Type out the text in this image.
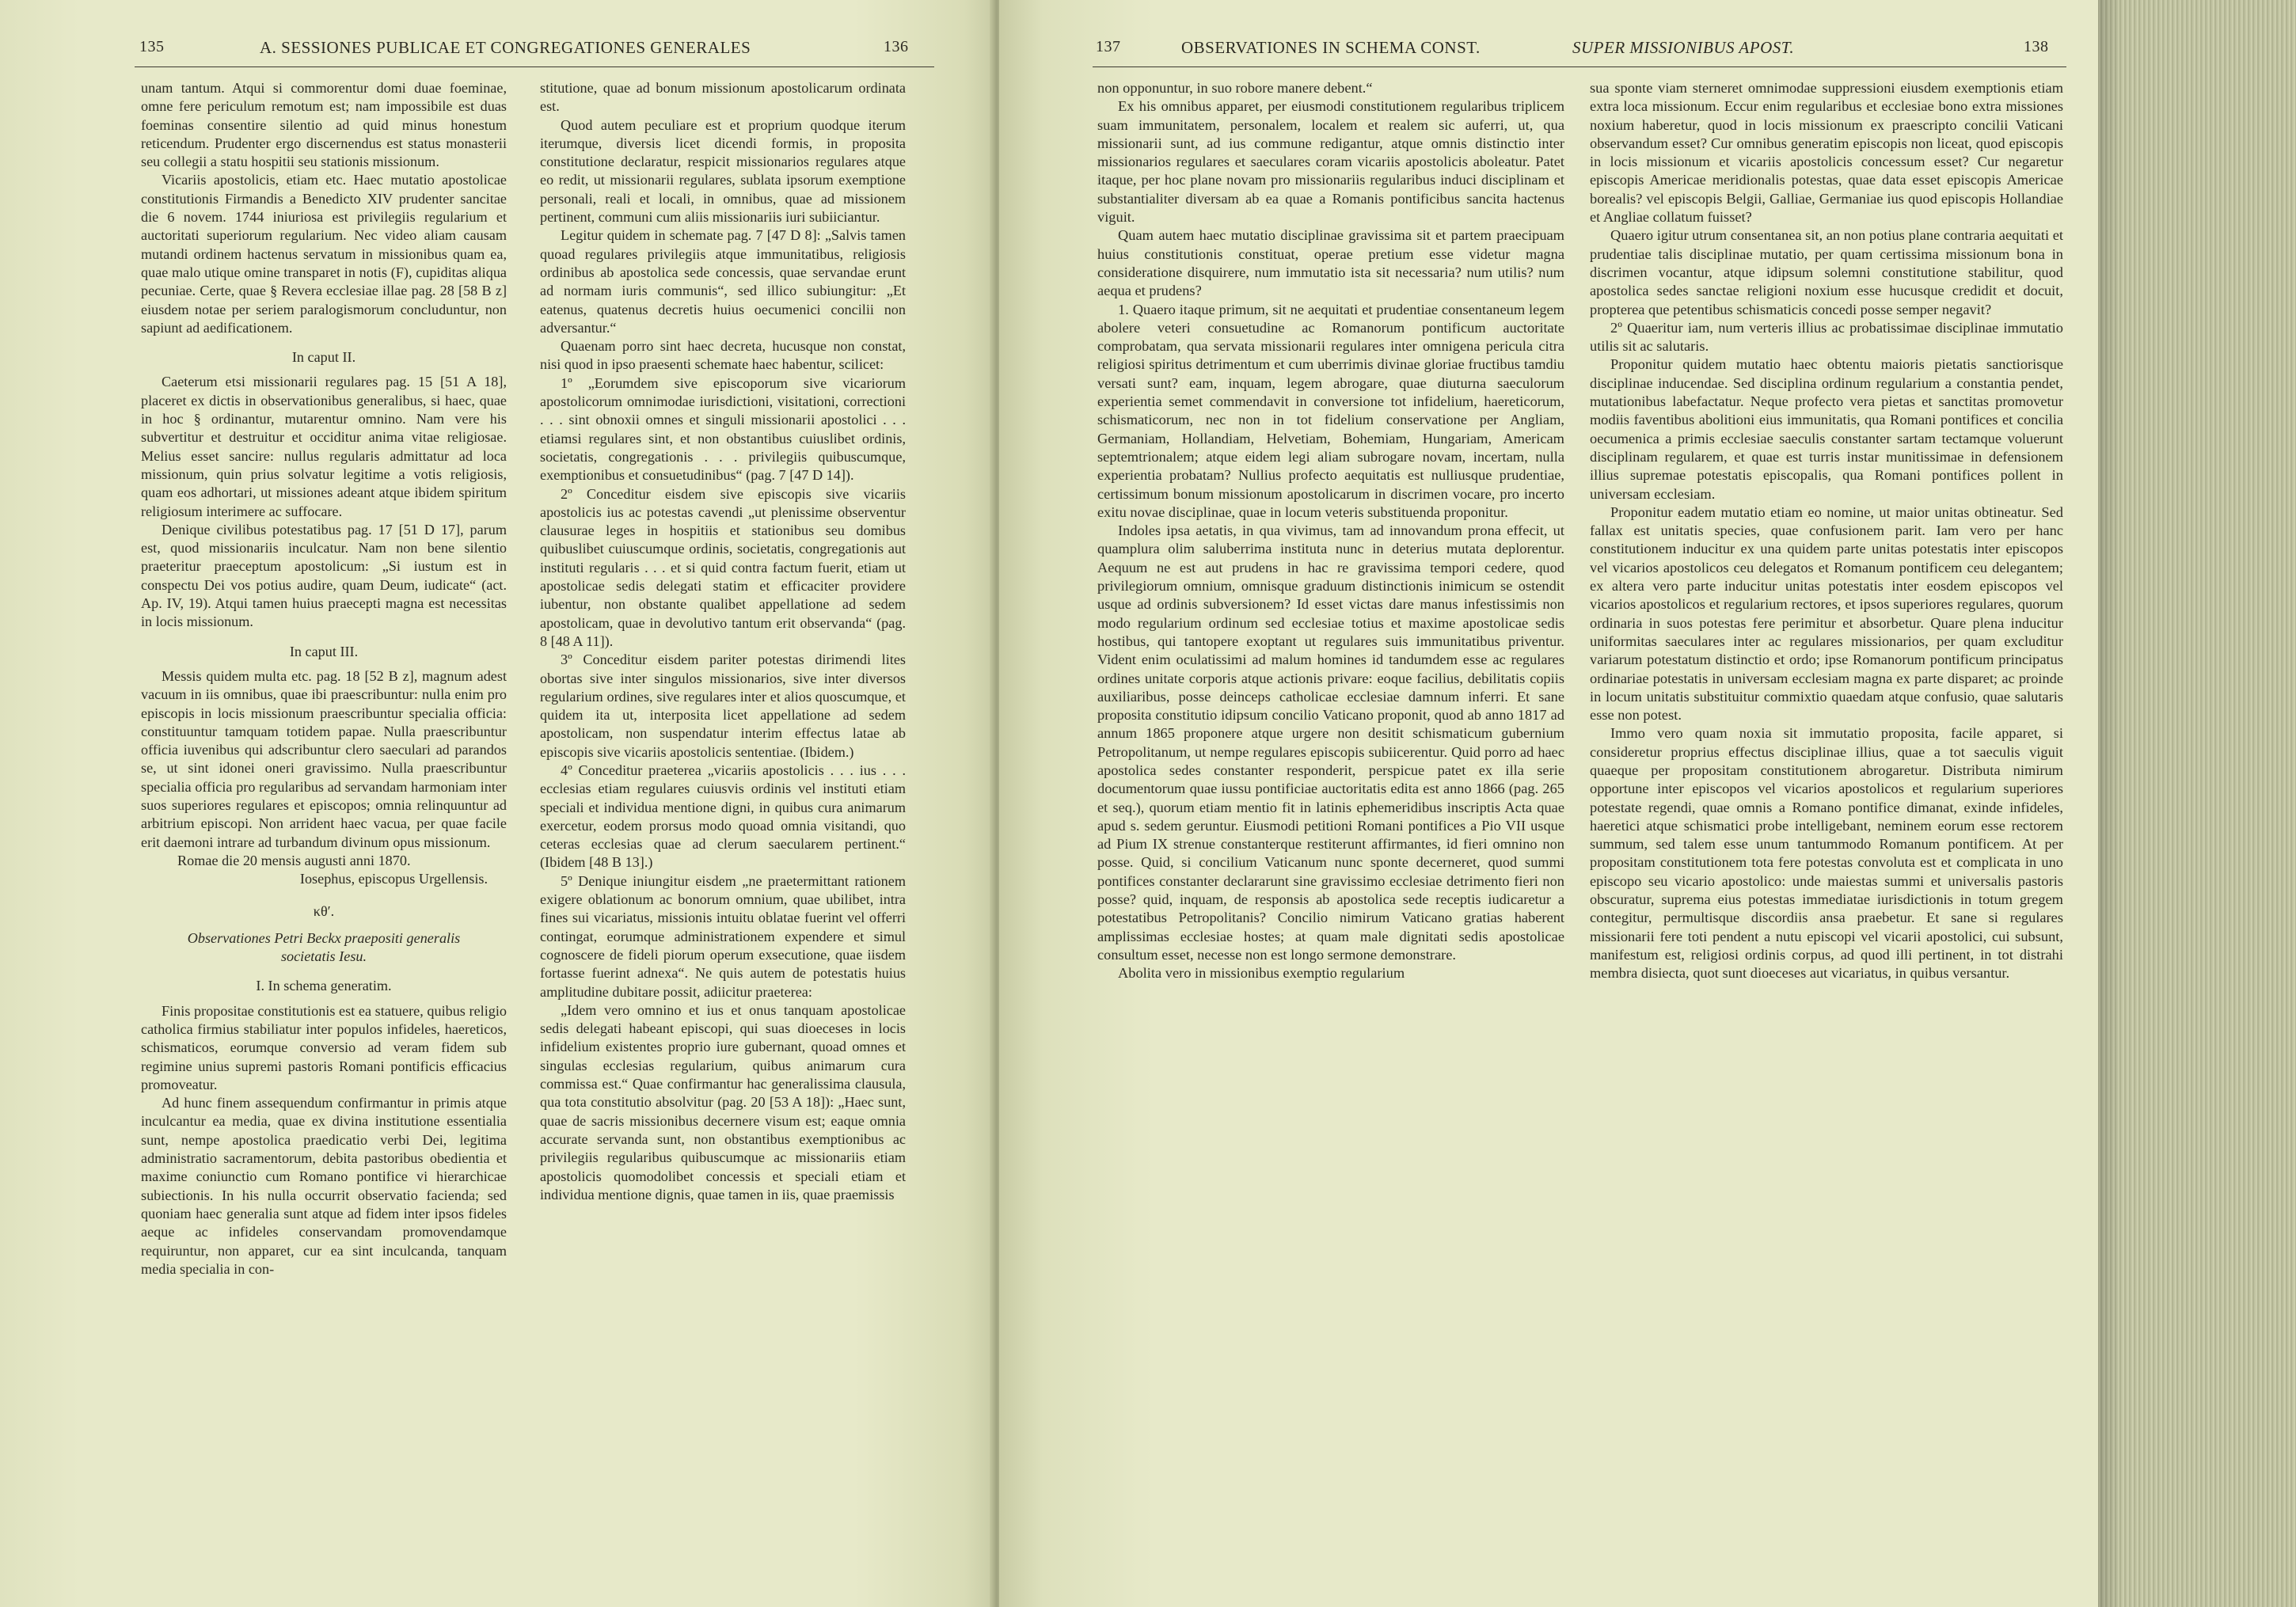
135	A. SESSIONES PUBLICAE ET CONGREGATIONES GENERALES	136

unam tantum. Atqui si commorentur domi duae foeminae, omne fere periculum remotum est; nam impossibile est duas foeminas consentire silentio ad quid minus honestum reticendum. Prudenter ergo discernendus est status monasterii seu collegii a statu hospitii seu stationis missionum.

Vicariis apostolicis, etiam etc. Haec mutatio apostolicae constitutionis Firmandis a Benedicto XIV prudenter sancitae die 6 novem. 1744 iniuriosa est privilegiis regularium et auctoritati superiorum regularium. Nec video aliam causam mutandi ordinem hactenus servatum in missionibus quam ea, quae malo utique omine transparet in notis (F), cupiditas aliqua pecuniae. Certe, quae § Revera ecclesiae illae pag. 28 [58 B z] eiusdem notae per seriem paralogismorum concluduntur, non sapiunt ad aedificationem.

In caput II.

Caeterum etsi missionarii regulares pag. 15 [51 A 18], placeret ex dictis in observationibus generalibus, si haec, quae in hoc § ordinantur, mutarentur omnino. Nam vere his subvertitur et destruitur et occiditur anima vitae religiosae. Melius esset sancire: nullus regularis admittatur ad loca missionum, quin prius solvatur legitime a votis religiosis, quam eos adhortari, ut missiones adeant atque ibidem spiritum religiosum interimere ac suffocare.

Denique civilibus potestatibus pag. 17 [51 D 17], parum est, quod missionariis inculcatur. Nam non bene silentio praeteritur praeceptum apostolicum: „Si iustum est in conspectu Dei vos potius audire, quam Deum, iudicate“ (act. Ap. IV, 19). Atqui tamen huius praecepti magna est necessitas in locis missionum.

In caput III.

Messis quidem multa etc. pag. 18 [52 B z], magnum adest vacuum in iis omnibus, quae ibi praescribuntur: nulla enim pro episcopis in locis missionum praescribuntur specialia officia: constituuntur tamquam totidem papae. Nulla praescribuntur officia iuvenibus qui adscribuntur clero saeculari ad parandos se, ut sint idonei oneri gravissimo. Nulla praescribuntur specialia officia pro regularibus ad servandam harmoniam inter suos superiores regulares et episcopos; omnia relinquuntur ad arbitrium episcopi. Non arrident haec vacua, per quae facile erit daemoni intrare ad turbandum divinum opus missionum.

Romae die 20 mensis augusti anni 1870.

Iosephus, episcopus Urgellensis.

κθ′.

Observationes Petri Beckx praepositi generalis

societatis Iesu.

I. In schema generatim.

Finis propositae constitutionis est ea statuere, quibus religio catholica firmius stabiliatur inter populos infideles, haereticos, schismaticos, eorumque conversio ad veram fidem sub regimine unius supremi pastoris Romani pontificis efficacius promoveatur.

Ad hunc finem assequendum confirmantur in primis atque inculcantur ea media, quae ex divina institutione essentialia sunt, nempe apostolica praedicatio verbi Dei, legitima administratio sacramentorum, debita pastoribus obedientia et maxime coniunctio cum Romano pontifice vi hierarchicae subiectionis. In his nulla occurrit observatio facienda; sed quoniam haec generalia sunt atque ad fidem inter ipsos fideles aeque ac infideles conservandam promovendamque requiruntur, non apparet, cur ea sint inculcanda, tanquam media specialia in con-

stitutione, quae ad bonum missionum apostolicarum ordinata est.

Quod autem peculiare est et proprium quodque iterum iterumque, diversis licet dicendi formis, in proposita constitutione declaratur, respicit missionarios regulares atque eo redit, ut missionarii regulares, sublata ipsorum exemptione personali, reali et locali, in omnibus, quae ad missionem pertinent, communi cum aliis missionariis iuri subiiciantur.

Legitur quidem in schemate pag. 7 [47 D 8]: „Salvis tamen quoad regulares privilegiis atque immunitatibus, religiosis ordinibus ab apostolica sede concessis, quae servandae erunt ad normam iuris communis“, sed illico subiungitur: „Et eatenus, quatenus decretis huius oecumenici concilii non adversantur.“

Quaenam porro sint haec decreta, hucusque non constat, nisi quod in ipso praesenti schemate haec habentur, scilicet:

1º „Eorumdem sive episcoporum sive vicariorum apostolicorum omnimodae iurisdictioni, visitationi, correctioni . . . sint obnoxii omnes et singuli missionarii apostolici . . . etiamsi regulares sint, et non obstantibus cuiuslibet ordinis, societatis, congregationis . . . privilegiis quibuscumque, exemptionibus et consuetudinibus“ (pag. 7 [47 D 14]).

2º Conceditur eisdem sive episcopis sive vicariis apostolicis ius ac potestas cavendi „ut plenissime observentur clausurae leges in hospitiis et stationibus seu domibus quibuslibet cuiuscumque ordinis, societatis, congregationis aut instituti regularis . . . et si quid contra factum fuerit, etiam ut apostolicae sedis delegati statim et efficaciter providere iubentur, non obstante qualibet appellatione ad sedem apostolicam, quae in devolutivo tantum erit observanda“ (pag. 8 [48 A 11]).

3º Conceditur eisdem pariter potestas dirimendi lites obortas sive inter singulos missionarios, sive inter diversos regularium ordines, sive regulares inter et alios quoscumque, et quidem ita ut, interposita licet appellatione ad sedem apostolicam, non suspendatur interim effectus latae ab episcopis sive vicariis apostolicis sententiae. (Ibidem.)

4º Conceditur praeterea „vicariis apostolicis . . . ius . . . ecclesias etiam regulares cuiusvis ordinis vel instituti etiam speciali et individua mentione digni, in quibus cura animarum exercetur, eodem prorsus modo quoad omnia visitandi, quo ceteras ecclesias quae ad clerum saecularem pertinent.“ (Ibidem [48 B 13].)

5º Denique iniungitur eisdem „ne praetermittant rationem exigere oblationum ac bonorum omnium, quae ubilibet, intra fines sui vicariatus, missionis intuitu oblatae fuerint vel offerri contingat, eorumque administrationem expendere et simul cognoscere de fideli piorum operum exsecutione, quae iisdem fortasse fuerint adnexa“. Ne quis autem de potestatis huius amplitudine dubitare possit, adiicitur praeterea:

„Idem vero omnino et ius et onus tanquam apostolicae sedis delegati habeant episcopi, qui suas dioeceses in locis infidelium existentes proprio iure gubernant, quoad omnes et singulas ecclesias regularium, quibus animarum cura commissa est.“ Quae confirmantur hac generalissima clausula, qua tota constitutio absolvitur (pag. 20 [53 A 18]): „Haec sunt, quae de sacris missionibus decernere visum est; eaque omnia accurate servanda sunt, non obstantibus exemptionibus ac privilegiis regularibus quibuscumque ac missionariis etiam apostolicis quomodolibet concessis et speciali etiam et individua mentione dignis, quae tamen in iis, quae praemissis

137	OBSERVATIONES IN SCHEMA CONST.	SUPER MISSIONIBUS APOST.	138

non opponuntur, in suo robore manere debent.“

Ex his omnibus apparet, per eiusmodi constitutionem regularibus triplicem suam immunitatem, personalem, localem et realem sic auferri, ut, qua missionarii sunt, ad ius commune redigantur, atque omnis distinctio inter missionarios regulares et saeculares coram vicariis apostolicis aboleatur. Patet itaque, per hoc plane novam pro missionariis regularibus induci disciplinam et substantialiter diversam ab ea quae a Romanis pontificibus sancita hactenus viguit.

Quam autem haec mutatio disciplinae gravissima sit et partem praecipuam huius constitutionis constituat, operae pretium esse videtur magna consideratione disquirere, num immutatio ista sit necessaria? num utilis? num aequa et prudens?

1. Quaero itaque primum, sit ne aequitati et prudentiae consentaneum legem abolere veteri consuetudine ac Romanorum pontificum auctoritate comprobatam, qua servata missionarii regulares inter omnigena pericula citra religiosi spiritus detrimentum et cum uberrimis divinae gloriae fructibus tamdiu versati sunt? eam, inquam, legem abrogare, quae diuturna saeculorum experientia semet commendavit in conversione tot infidelium, haereticorum, schismaticorum, nec non in tot fidelium conservatione per Angliam, Germaniam, Hollandiam, Helvetiam, Bohemiam, Hungariam, Americam septemtrionalem; atque eidem legi aliam subrogare novam, incertam, nulla experientia probatam? Nullius profecto aequitatis est nulliusque prudentiae, certissimum bonum missionum apostolicarum in discrimen vocare, pro incerto exitu novae disciplinae, quae in locum veteris substituenda proponitur.

Indoles ipsa aetatis, in qua vivimus, tam ad innovandum prona effecit, ut quamplura olim saluberrima instituta nunc in deterius mutata deplorentur. Aequum ne est aut prudens in hac re gravissima tempori cedere, quod privilegiorum omnium, omnisque graduum distinctionis inimicum se ostendit usque ad ordinis subversionem? Id esset victas dare manus infestissimis non modo regularium ordinum sed ecclesiae totius et maxime apostolicae sedis hostibus, qui tantopere exoptant ut regulares suis immunitatibus priventur. Vident enim oculatissimi ad malum homines id tandumdem esse ac regulares ordines unitate corporis atque actionis privare: eoque facilius, debilitatis copiis auxiliaribus, posse deinceps catholicae ecclesiae damnum inferri. Et sane proposita constitutio idipsum concilio Vaticano proponit, quod ab anno 1817 ad annum 1865 proponere atque urgere non desitit schismaticum gubernium Petropolitanum, ut nempe regulares episcopis subiicerentur. Quid porro ad haec apostolica sedes constanter responderit, perspicue patet ex illa serie documentorum quae iussu pontificiae auctoritatis edita est anno 1866 (pag. 265 et seq.), quorum etiam mentio fit in latinis ephemeridibus inscriptis Acta quae apud s. sedem geruntur. Eiusmodi petitioni Romani pontifices a Pio VII usque ad Pium IX strenue constanterque restiterunt affirmantes, id fieri omnino non posse. Quid, si concilium Vaticanum nunc sponte decerneret, quod summi pontifices constanter declararunt sine gravissimo ecclesiae detrimento fieri non posse? quid, inquam, de responsis ab apostolica sede receptis iudicaretur a potestatibus Petropolitanis? Concilio nimirum Vaticano gratias haberent amplissimas ecclesiae hostes; at quam male dignitati sedis apostolicae consultum esset, necesse non est longo sermone demonstrare.

Abolita vero in missionibus exemptio regularium

sua sponte viam sterneret omnimodae suppressioni eiusdem exemptionis etiam extra loca missionum. Eccur enim regularibus et ecclesiae bono extra missiones noxium haberetur, quod in locis missionum ex praescripto concilii Vaticani observandum esset? Cur omnibus generatim episcopis non liceat, quod episcopis in locis missionum et vicariis apostolicis concessum esset? Cur negaretur episcopis Americae meridionalis potestas, quae data esset episcopis Americae borealis? vel episcopis Belgii, Galliae, Germaniae ius quod episcopis Hollandiae et Angliae collatum fuisset?

Quaero igitur utrum consentanea sit, an non potius plane contraria aequitati et prudentiae talis disciplinae mutatio, per quam certissima missionum bona in discrimen vocantur, atque idipsum solemni constitutione stabilitur, quod apostolica sedes sanctae religioni noxium esse hucusque credidit et docuit, propterea que petentibus schismaticis concedi posse semper negavit?

2º Quaeritur iam, num verteris illius ac probatissimae disciplinae immutatio utilis sit ac salutaris.

Proponitur quidem mutatio haec obtentu maioris pietatis sanctiorisque disciplinae inducendae. Sed disciplina ordinum regularium a constantia pendet, mutationibus labefactatur. Neque profecto vera pietas et sanctitas promovetur modiis faventibus abolitioni eius immunitatis, qua Romani pontifices et concilia oecumenica a primis ecclesiae saeculis constanter sartam tectamque voluerunt disciplinam regularem, et quae est turris instar munitissimae in defensionem illius supremae potestatis episcopalis, qua Romani pontifices pollent in universam ecclesiam.

Proponitur eadem mutatio etiam eo nomine, ut maior unitas obtineatur. Sed fallax est unitatis species, quae confusionem parit. Iam vero per hanc constitutionem inducitur ex una quidem parte unitas potestatis inter episcopos vel vicarios apostolicos ceu delegatos et Romanum pontificem ceu delegantem; ex altera vero parte inducitur unitas potestatis inter eosdem episcopos vel vicarios apostolicos et regularium rectores, et ipsos superiores regulares, quorum ordinaria in suos potestas fere perimitur et absorbetur. Quare plena inducitur uniformitas saeculares inter ac regulares missionarios, per quam excluditur variarum potestatum distinctio et ordo; ipse Romanorum pontificum principatus ordinariae potestatis in universam ecclesiam magna ex parte disparet; ac proinde in locum unitatis substituitur commixtio quaedam atque confusio, quae salutaris esse non potest.

Immo vero quam noxia sit immutatio proposita, facile apparet, si consideretur proprius effectus disciplinae illius, quae a tot saeculis viguit quaeque per propositam constitutionem abrogaretur. Distributa nimirum opportune inter episcopos vel vicarios apostolicos et regularium superiores potestate regendi, quae omnis a Romano pontifice dimanat, exinde infideles, haeretici atque schismatici probe intelligebant, neminem eorum esse rectorem summum, sed talem esse unum tantummodo Romanum pontificem. At per propositam constitutionem tota fere potestas convoluta est et complicata in uno episcopo seu vicario apostolico: unde maiestas summi et universalis pastoris obscuratur, suprema eius potestas immediatae iurisdictionis in totum gregem contegitur, permultisque discordiis ansa praebetur. Et sane si regulares missionarii fere toti pendent a nutu episcopi vel vicarii apostolici, cui subsunt, manifestum est, religiosi ordinis corpus, ad quod illi pertinent, in tot distrahi membra disiecta, quot sunt dioeceses aut vicariatus, in quibus versantur.
